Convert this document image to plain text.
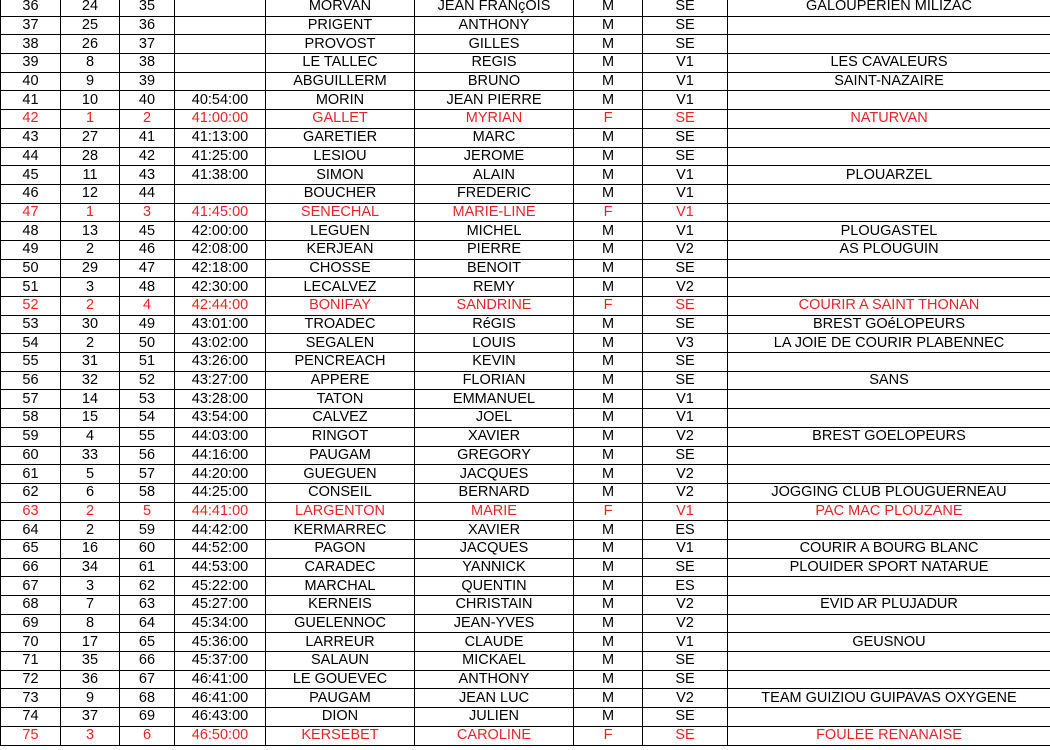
36	24	35		MORVAN	JEAN FRANçOIS	M	SE	GALOUPERIEN MILIZAC
37	25	36		PRIGENT	ANTHONY	M	SE	
38	26	37		PROVOST	GILLES	M	SE	
39	8	38		LE TALLEC	REGIS	M	V1	LES CAVALEURS
40	9	39		ABGUILLERM	BRUNO	M	V1	SAINT-NAZAIRE
41	10	40	40:54:00	MORIN	JEAN PIERRE	M	V1	
42	1	2	41:00:00	GALLET	MYRIAN	F	SE	NATURVAN
43	27	41	41:13:00	GARETIER	MARC	M	SE	
44	28	42	41:25:00	LESIOU	JEROME	M	SE	
45	11	43	41:38:00	SIMON	ALAIN	M	V1	PLOUARZEL
46	12	44		BOUCHER	FREDERIC	M	V1	
47	1	3	41:45:00	SENECHAL	MARIE-LINE	F	V1	
48	13	45	42:00:00	LEGUEN	MICHEL	M	V1	PLOUGASTEL
49	2	46	42:08:00	KERJEAN	PIERRE	M	V2	AS PLOUGUIN
50	29	47	42:18:00	CHOSSE	BENOIT	M	SE	
51	3	48	42:30:00	LECALVEZ	REMY	M	V2	
52	2	4	42:44:00	BONIFAY	SANDRINE	F	SE	COURIR A SAINT THONAN
53	30	49	43:01:00	TROADEC	RéGIS	M	SE	BREST GOéLOPEURS
54	2	50	43:02:00	SEGALEN	LOUIS	M	V3	LA JOIE DE COURIR PLABENNEC
55	31	51	43:26:00	PENCREACH	KEVIN	M	SE	
56	32	52	43:27:00	APPERE	FLORIAN	M	SE	SANS
57	14	53	43:28:00	TATON	EMMANUEL	M	V1	
58	15	54	43:54:00	CALVEZ	JOEL	M	V1	
59	4	55	44:03:00	RINGOT	XAVIER	M	V2	BREST GOELOPEURS
60	33	56	44:16:00	PAUGAM	GREGORY	M	SE	
61	5	57	44:20:00	GUEGUEN	JACQUES	M	V2	
62	6	58	44:25:00	CONSEIL	BERNARD	M	V2	JOGGING CLUB PLOUGUERNEAU
63	2	5	44:41:00	LARGENTON	MARIE	F	V1	PAC MAC PLOUZANE
64	2	59	44:42:00	KERMARREC	XAVIER	M	ES	
65	16	60	44:52:00	PAGON	JACQUES	M	V1	COURIR A BOURG BLANC
66	34	61	44:53:00	CARADEC	YANNICK	M	SE	PLOUIDER SPORT NATARUE
67	3	62	45:22:00	MARCHAL	QUENTIN	M	ES	
68	7	63	45:27:00	KERNEIS	CHRISTAIN	M	V2	EVID AR PLUJADUR
69	8	64	45:34:00	GUELENNOC	JEAN-YVES	M	V2	
70	17	65	45:36:00	LARREUR	CLAUDE	M	V1	GEUSNOU
71	35	66	45:37:00	SALAUN	MICKAEL	M	SE	
72	36	67	46:41:00	LE GOUEVEC	ANTHONY	M	SE	
73	9	68	46:41:00	PAUGAM	JEAN LUC	M	V2	TEAM GUIZIOU GUIPAVAS OXYGENE
74	37	69	46:43:00	DION	JULIEN	M	SE	
75	3	6	46:50:00	KERSEBET	CAROLINE	F	SE	FOULEE RENANAISE
